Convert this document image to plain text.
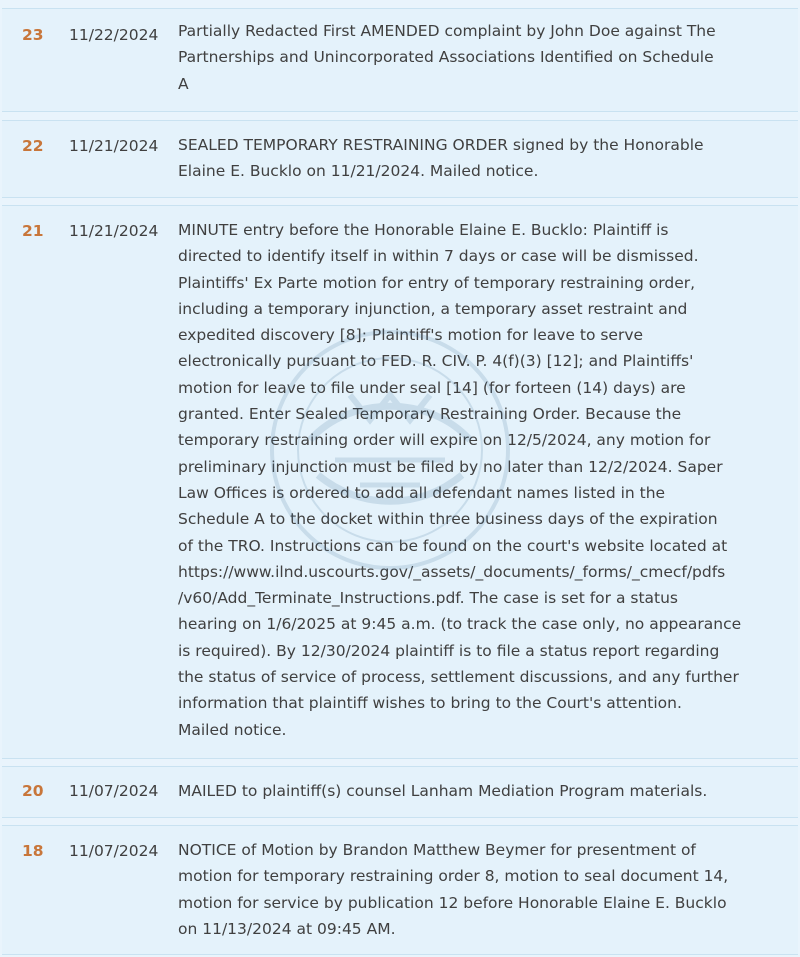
23	11/22/2024	Partially Redacted First AMENDED complaint by John Doe against The
Partnerships and Unincorporated Associations Identified on Schedule
A
22	11/21/2024	SEALED TEMPORARY RESTRAINING ORDER signed by the Honorable
Elaine E. Bucklo on 11/21/2024. Mailed notice.
21	11/21/2024	MINUTE entry before the Honorable Elaine E. Bucklo: Plaintiff is
directed to identify itself in within 7 days or case will be dismissed.
Plaintiffs' Ex Parte motion for entry of temporary restraining order,
including a temporary injunction, a temporary asset restraint and
expedited discovery [8]; Plaintiff's motion for leave to serve
electronically pursuant to FED. R. CIV. P. 4(f)(3) [12]; and Plaintiffs'
motion for leave to file under seal [14] (for forteen (14) days) are
granted. Enter Sealed Temporary Restraining Order. Because the
temporary restraining order will expire on 12/5/2024, any motion for
preliminary injunction must be filed by no later than 12/2/2024. Saper
Law Offices is ordered to add all defendant names listed in the
Schedule A to the docket within three business days of the expiration
of the TRO. Instructions can be found on the court's website located at
https://www.ilnd.uscourts.gov/_assets/_documents/_forms/_cmecf/pdfs
/v60/Add_Terminate_Instructions.pdf. The case is set for a status
hearing on 1/6/2025 at 9:45 a.m. (to track the case only, no appearance
is required). By 12/30/2024 plaintiff is to file a status report regarding
the status of service of process, settlement discussions, and any further
information that plaintiff wishes to bring to the Court's attention.
Mailed notice.
20	11/07/2024	MAILED to plaintiff(s) counsel Lanham Mediation Program materials.
18	11/07/2024	NOTICE of Motion by Brandon Matthew Beymer for presentment of
motion for temporary restraining order 8, motion to seal document 14,
motion for service by publication 12 before Honorable Elaine E. Bucklo
on 11/13/2024 at 09:45 AM.
